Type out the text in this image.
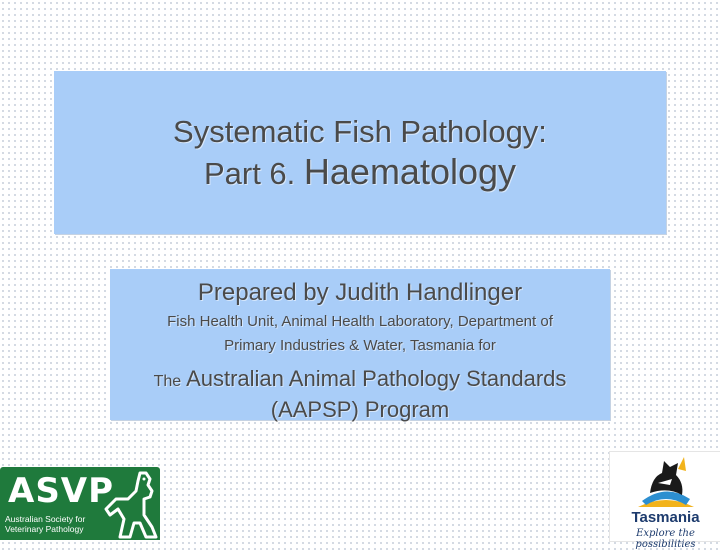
Systematic Fish Pathology:
Part 6. Haematology
Prepared by Judith Handlinger
Fish Health Unit, Animal Health Laboratory, Department of
Primary Industries & Water, Tasmania for
The Australian Animal Pathology Standards
(AAPSP) Program
ASVP
Australian Society for
Veterinary Pathology
Tasmania
Explore the possibilities
